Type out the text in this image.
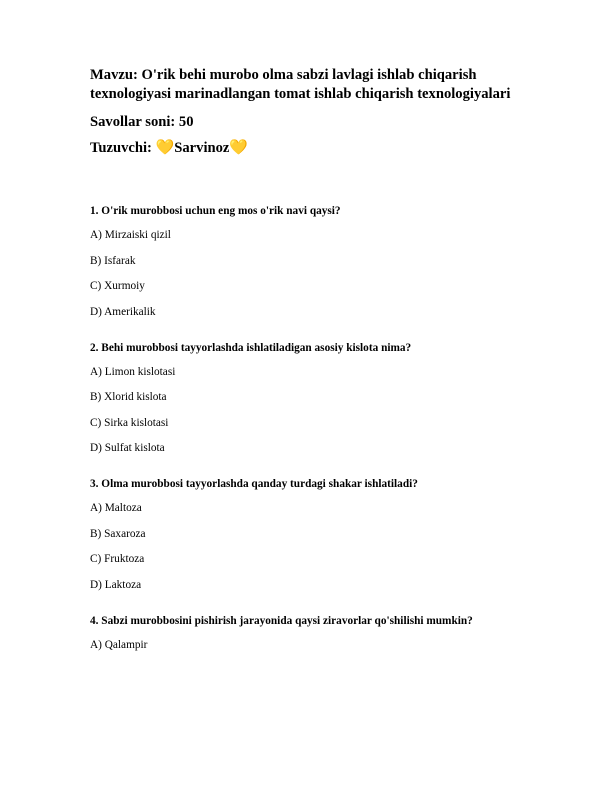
Mavzu: O'rik behi murobo olma sabzi lavlagi ishlab chiqarish
texnologiyasi marinadlangan tomat ishlab chiqarish texnologiyalari

Savollar soni: 50

Tuzuvchi: 💛Sarvinoz💛

1. O'rik murobbosi uchun eng mos o'rik navi qaysi?

A) Mirzaiski qizil

B) Isfarak

C) Xurmoiy

D) Amerikalik

2. Behi murobbosi tayyorlashda ishlatiladigan asosiy kislota nima?

A) Limon kislotasi

B) Xlorid kislota

C) Sirka kislotasi

D) Sulfat kislota

3. Olma murobbosi tayyorlashda qanday turdagi shakar ishlatiladi?

A) Maltoza

B) Saxaroza

C) Fruktoza

D) Laktoza

4. Sabzi murobbosini pishirish jarayonida qaysi ziravorlar qo'shilishi mumkin?

A) Qalampir
